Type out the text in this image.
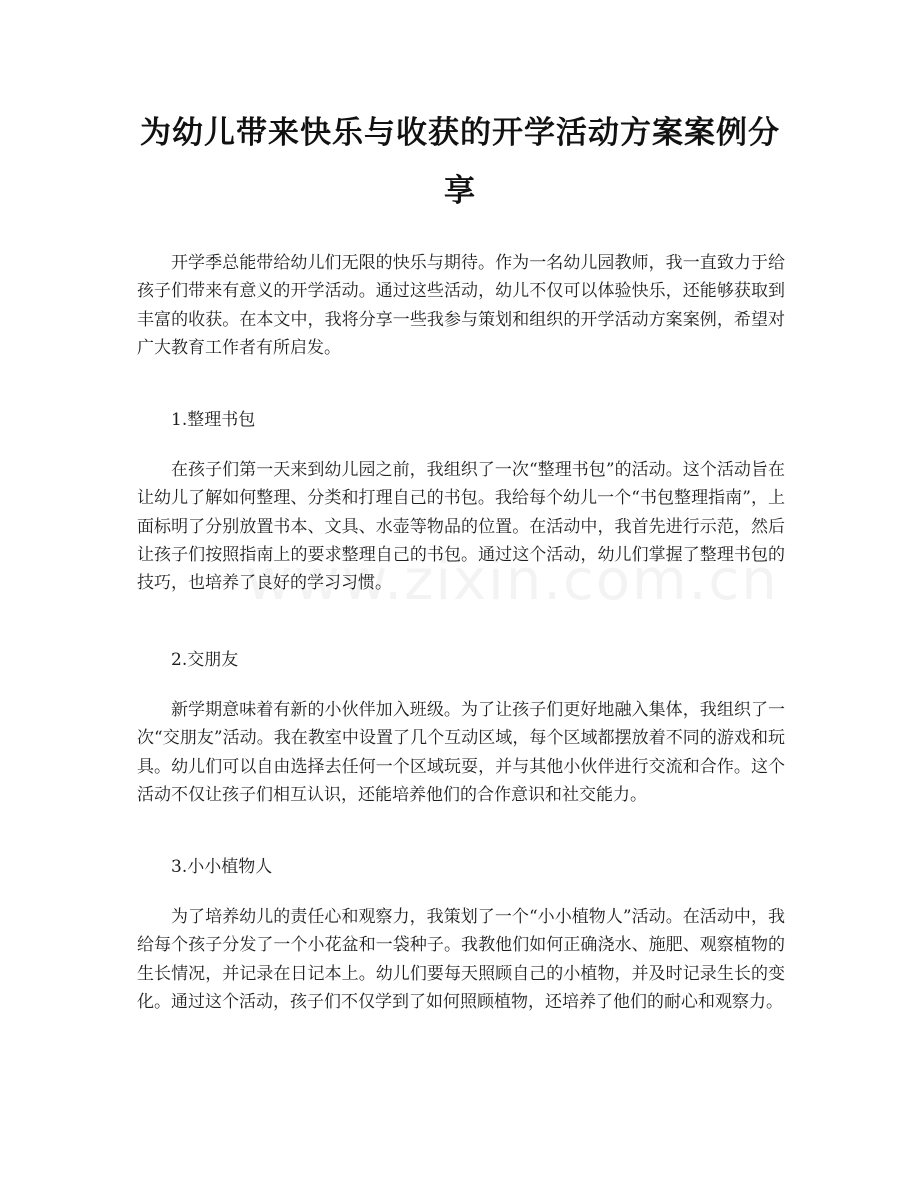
为幼儿带来快乐与收获的开学活动方案案例分享

开学季总能带给幼儿们无限的快乐与期待。作为一名幼儿园教师，我一直致力于给孩子们带来有意义的开学活动。通过这些活动，幼儿不仅可以体验快乐，还能够获取到丰富的收获。在本文中，我将分享一些我参与策划和组织的开学活动方案案例，希望对广大教育工作者有所启发。

1.整理书包

在孩子们第一天来到幼儿园之前，我组织了一次“整理书包”的活动。这个活动旨在让幼儿了解如何整理、分类和打理自己的书包。我给每个幼儿一个“书包整理指南”，上面标明了分别放置书本、文具、水壶等物品的位置。在活动中，我首先进行示范，然后让孩子们按照指南上的要求整理自己的书包。通过这个活动，幼儿们掌握了整理书包的技巧，也培养了良好的学习习惯。

2.交朋友

新学期意味着有新的小伙伴加入班级。为了让孩子们更好地融入集体，我组织了一次“交朋友”活动。我在教室中设置了几个互动区域，每个区域都摆放着不同的游戏和玩具。幼儿们可以自由选择去任何一个区域玩耍，并与其他小伙伴进行交流和合作。这个活动不仅让孩子们相互认识，还能培养他们的合作意识和社交能力。

3.小小植物人

为了培养幼儿的责任心和观察力，我策划了一个“小小植物人”活动。在活动中，我给每个孩子分发了一个小花盆和一袋种子。我教他们如何正确浇水、施肥、观察植物的生长情况，并记录在日记本上。幼儿们要每天照顾自己的小植物，并及时记录生长的变化。通过这个活动，孩子们不仅学到了如何照顾植物，还培养了他们的耐心和观察力。
